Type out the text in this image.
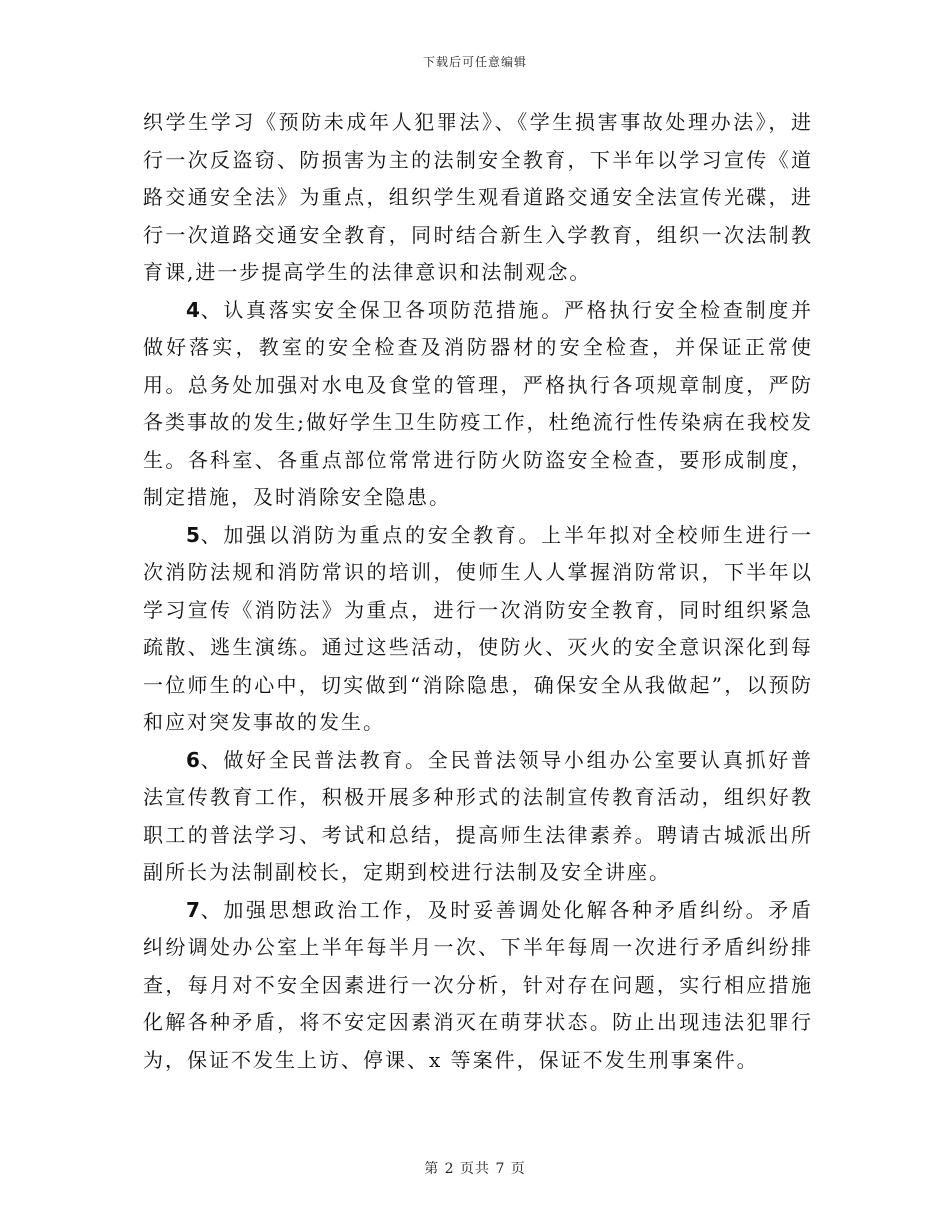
下载后可任意编辑

织学生学习《预防未成年人犯罪法》、《学生损害事故处理办法》，进行一次反盗窃、防损害为主的法制安全教育，下半年以学习宣传《道路交通安全法》为重点，组织学生观看道路交通安全法宣传光碟，进行一次道路交通安全教育，同时结合新生入学教育，组织一次法制教育课,进一步提高学生的法律意识和法制观念。

4、认真落实安全保卫各项防范措施。严格执行安全检查制度并做好落实，教室的安全检查及消防器材的安全检查，并保证正常使用。总务处加强对水电及食堂的管理，严格执行各项规章制度，严防各类事故的发生;做好学生卫生防疫工作，杜绝流行性传染病在我校发生。各科室、各重点部位常常进行防火防盗安全检查，要形成制度，制定措施，及时消除安全隐患。

5、加强以消防为重点的安全教育。上半年拟对全校师生进行一次消防法规和消防常识的培训，使师生人人掌握消防常识，下半年以学习宣传《消防法》为重点，进行一次消防安全教育，同时组织紧急疏散、逃生演练。通过这些活动，使防火、灭火的安全意识深化到每一位师生的心中，切实做到“消除隐患，确保安全从我做起”，以预防和应对突发事故的发生。

6、做好全民普法教育。全民普法领导小组办公室要认真抓好普法宣传教育工作，积极开展多种形式的法制宣传教育活动，组织好教职工的普法学习、考试和总结，提高师生法律素养。聘请古城派出所副所长为法制副校长，定期到校进行法制及安全讲座。

7、加强思想政治工作，及时妥善调处化解各种矛盾纠纷。矛盾纠纷调处办公室上半年每半月一次、下半年每周一次进行矛盾纠纷排查，每月对不安全因素进行一次分析，针对存在问题，实行相应措施化解各种矛盾，将不安定因素消灭在萌芽状态。防止出现违法犯罪行为，保证不发生上访、停课、x 等案件，保证不发生刑事案件。

第 2 页共 7 页
